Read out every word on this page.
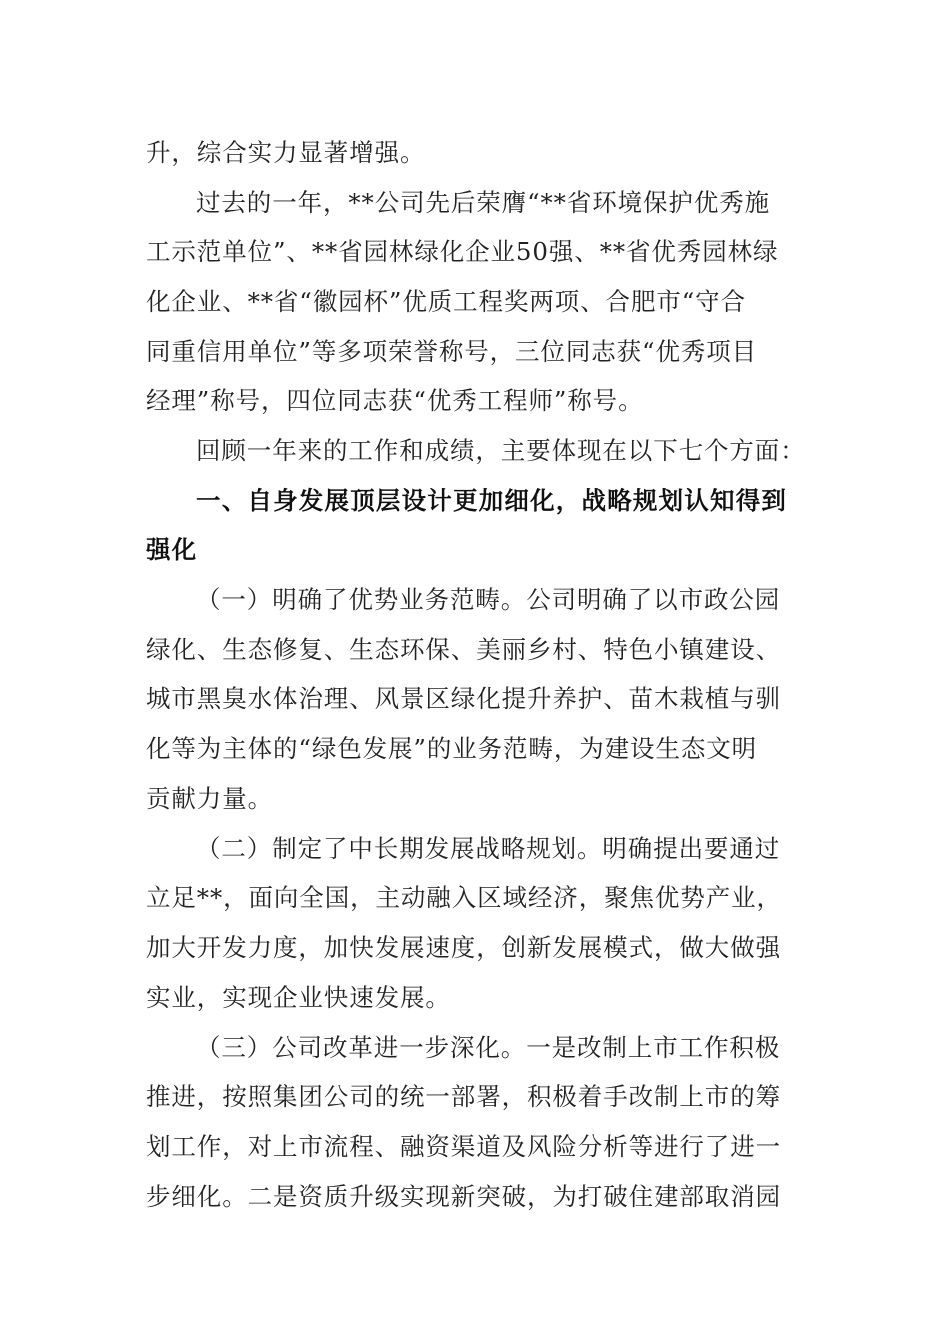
升，综合实力显著增强。
过去的一年，**公司先后荣膺“**省环境保护优秀施
工示范单位”、**省园林绿化企业50强、**省优秀园林绿
化企业、**省“徽园杯”优质工程奖两项、合肥市“守合
同重信用单位”等多项荣誉称号，三位同志获“优秀项目
经理”称号，四位同志获“优秀工程师”称号。
回顾一年来的工作和成绩，主要体现在以下七个方面：
一、自身发展顶层设计更加细化，战略规划认知得到
强化
（一）明确了优势业务范畴。公司明确了以市政公园
绿化、生态修复、生态环保、美丽乡村、特色小镇建设、
城市黑臭水体治理、风景区绿化提升养护、苗木栽植与驯
化等为主体的“绿色发展”的业务范畴，为建设生态文明
贡献力量。
（二）制定了中长期发展战略规划。明确提出要通过
立足**，面向全国，主动融入区域经济，聚焦优势产业，
加大开发力度，加快发展速度，创新发展模式，做大做强
实业，实现企业快速发展。
（三）公司改革进一步深化。一是改制上市工作积极
推进，按照集团公司的统一部署，积极着手改制上市的筹
划工作，对上市流程、融资渠道及风险分析等进行了进一
步细化。二是资质升级实现新突破，为打破住建部取消园
